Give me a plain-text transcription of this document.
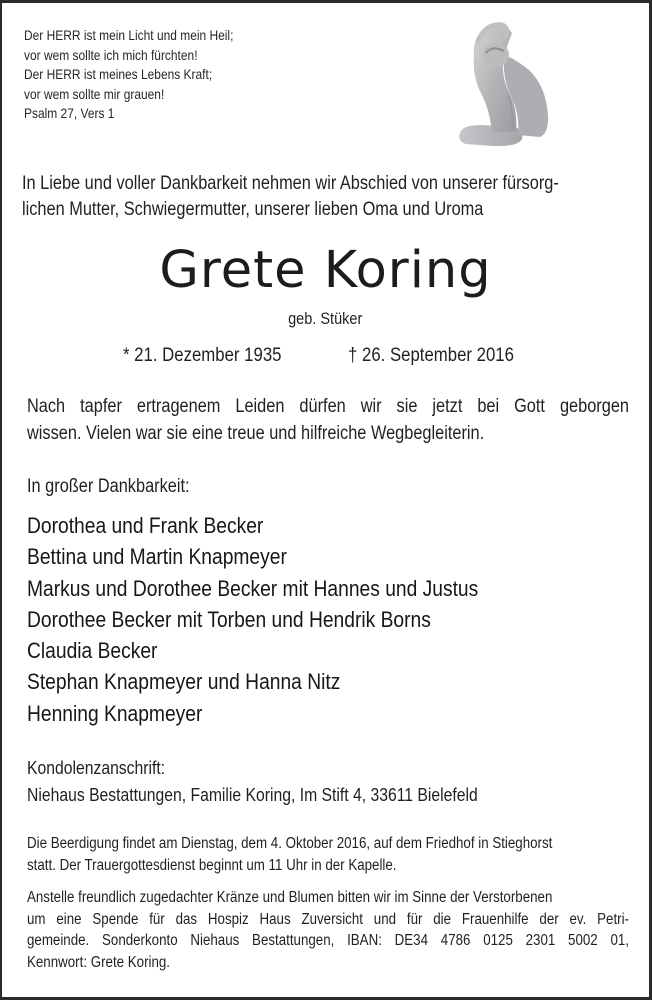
Der HERR ist mein Licht und mein Heil;
vor wem sollte ich mich fürchten!
Der HERR ist meines Lebens Kraft;
vor wem sollte mir grauen!
Psalm 27, Vers 1
In Liebe und voller Dankbarkeit nehmen wir Abschied von unserer fürsorg-
lichen Mutter, Schwiegermutter, unserer lieben Oma und Uroma
Grete Koring
geb. Stüker
* 21. Dezember 1935	† 26. September 2016
Nach tapfer ertragenem Leiden dürfen wir sie jetzt bei Gott geborgen
wissen. Vielen war sie eine treue und hilfreiche Wegbegleiterin.
In großer Dankbarkeit:
Dorothea und Frank Becker
Bettina und Martin Knapmeyer
Markus und Dorothee Becker mit Hannes und Justus
Dorothee Becker mit Torben und Hendrik Borns
Claudia Becker
Stephan Knapmeyer und Hanna Nitz
Henning Knapmeyer
Kondolenzanschrift:
Niehaus Bestattungen, Familie Koring, Im Stift 4, 33611 Bielefeld
Die Beerdigung findet am Dienstag, dem 4. Oktober 2016, auf dem Friedhof in Stieghorst
statt. Der Trauergottesdienst beginnt um 11 Uhr in der Kapelle.
Anstelle freundlich zugedachter Kränze und Blumen bitten wir im Sinne der Verstorbenen
um eine Spende für das Hospiz Haus Zuversicht und für die Frauenhilfe der ev. Petri-
gemeinde. Sonderkonto Niehaus Bestattungen, IBAN: DE34 4786 0125 2301 5002 01,
Kennwort: Grete Koring.
